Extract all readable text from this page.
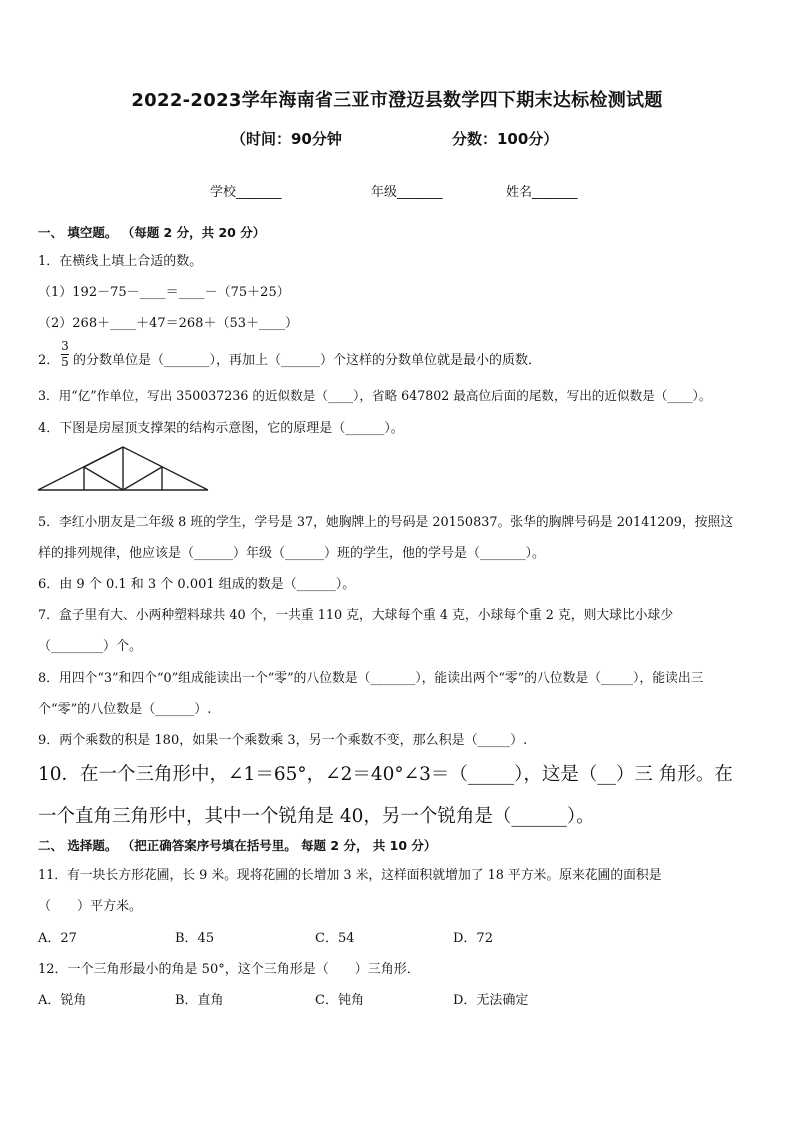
2022-2023学年海南省三亚市澄迈县数学四下期末达标检测试题
（时间：90分钟	分数：100分）
学校_______	年级_______	姓名_______
一、 填空题。 （每题 2 分，共 20 分）
1．在横线上填上合适的数。
（1）192－75－____＝____－（75＋25）
（2）268＋____＋47＝268＋（53＋____）
2．
3
5 的分数单位是（_______），再加上（______）个这样的分数单位就是最小的质数．
3．用“亿”作单位，写出 350037236 的近似数是（____），省略 647802 最高位后面的尾数，写出的近似数是（____）。
4．下图是房屋顶支撑架的结构示意图，它的原理是（______）。
5．李红小朋友是二年级 8 班的学生，学号是 37，她胸牌上的号码是 20150837。张华的胸牌号码是 20141209，按照这
样的排列规律，他应该是（______）年级（______）班的学生，他的学号是（_______）。
6．由 9 个 0.1 和 3 个 0.001 组成的数是（______）。
7．盒子里有大、小两种塑料球共 40 个，一共重 110 克，大球每个重 4 克，小球每个重 2 克，则大球比小球少
（________）个。
8．用四个“3”和四个“0”组成能读出一个“零”的八位数是（_______），能读出两个“零”的八位数是（_____），能读出三
个“零”的八位数是（______）.
9．两个乘数的积是 180，如果一个乘数乘 3，另一个乘数不变，那么积是（_____）.
10．在一个三角形中，∠1＝65°，∠2＝40°∠3＝（_____），这是（__）三 角形。在
一个直角三角形中，其中一个锐角是 40，另一个锐角是（______）。
二、 选择题。 （把正确答案序号填在括号里。 每题 2 分， 共 10 分）
11．有一块长方形花圃，长 9 米。现将花圃的长增加 3 米，这样面积就增加了 18 平方米。原来花圃的面积是
（　　）平方米。
A．27	B．45	C．54	D．72
12．一个三角形最小的角是 50°，这个三角形是（　　）三角形．
A．锐角	B．直角	C．钝角	D．无法确定
